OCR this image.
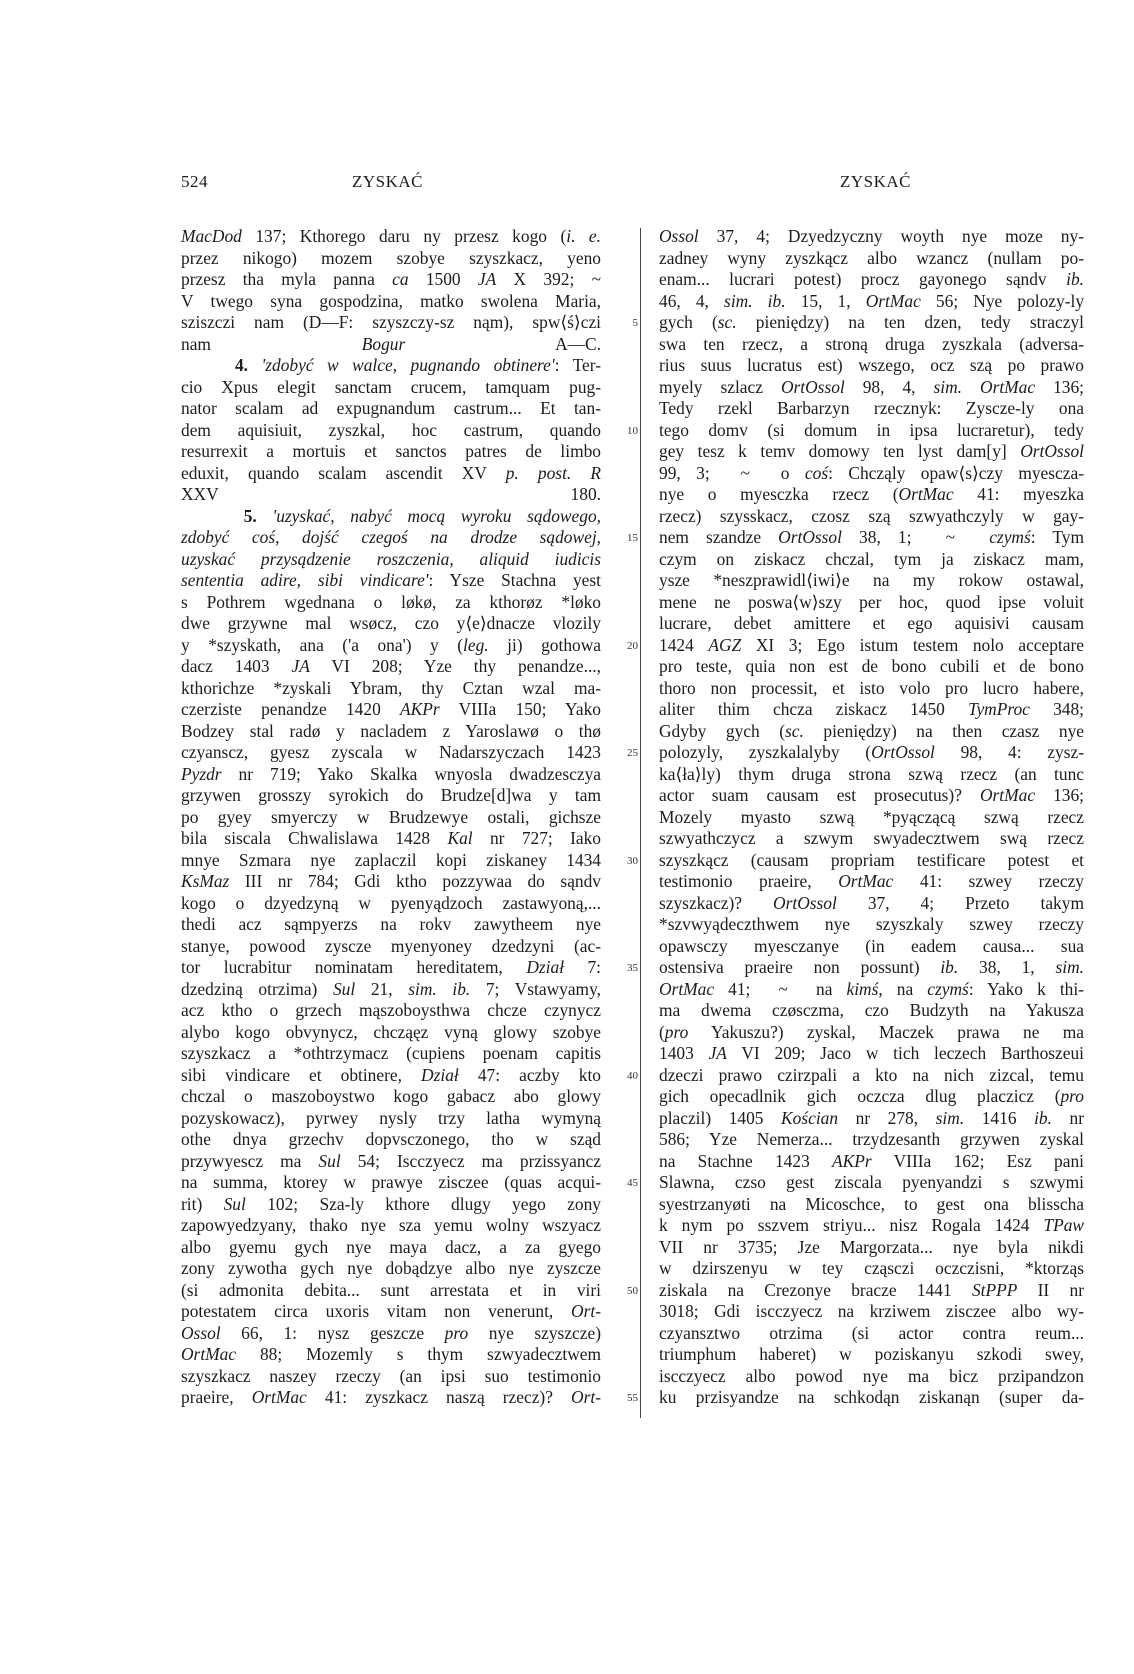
524	ZYSKAĆ	ZYSKAĆ
MacDod 137; Kthorego daru ny przesz kogo (i. e.
przez nikogo) mozem szobye szyszkacz, yeno
przesz tha myla panna ca 1500 JA X 392; ~
V twego syna gospodzina, matko swolena Maria,
sziszczi nam (D—F: szyszczy-sz nąm), spw⟨ś⟩czi
nam Bogur A—C.
4. 'zdobyć w walce, pugnando obtinere': Ter-
cio Xpus elegit sanctam crucem, tamquam pug-
nator scalam ad expugnandum castrum... Et tan-
dem aquisiuit, zyszkal, hoc castrum, quando
resurrexit a mortuis et sanctos patres de limbo
eduxit, quando scalam ascendit XV p. post. R
XXV 180.
5. 'uzyskać, nabyć mocą wyroku sądowego,
zdobyć coś, dojść czegoś na drodze sądowej,
uzyskać przysądzenie roszczenia, aliquid iudicis
sententia adire, sibi vindicare': Ysze Stachna yest
s Pothrem wgednana o løkø, za kthorøz *løko
dwe grzywne mal wsøcz, czo y⟨e⟩dnacze vlozily
y *szyskath, ana ('a ona') y (leg. ji) gothowa
dacz 1403 JA VI 208; Yze thy penandze...,
kthorichze *zyskali Ybram, thy Cztan wzal ma-
czerziste penandze 1420 AKPr VIIIa 150; Yako
Bodzey stal radø y nacladem z Yaroslawø o thø
czyanscz, gyesz zyscala w Nadarszyczach 1423
Pyzdr nr 719; Yako Skalka wnyosla dwadzesczya
grzywen grosszy syrokich do Brudze[d]wa y tam
po gyey smyerczy w Brudzewye ostali, gichsze
bila siscala Chwalislawa 1428 Kal nr 727; Iako
mnye Szmara nye zaplaczil kopi ziskaney 1434
KsMaz III nr 784; Gdi ktho pozzywaa do sąndv
kogo o dzyedzyną w pyenyądzoch zastawyoną,...
thedi acz sąmpyerzs na rokv zawytheem nye
stanye, powood zyscze myenyoney dzedzyni (ac-
tor lucrabitur nominatam hereditatem, Dział 7:
dzedziną otrzima) Sul 21, sim. ib. 7; Vstawyamy,
acz ktho o grzech mąszoboysthwa chcze czynycz
alybo kogo obvynycz, chcząęz vyną glowy szobye
szyszkacz a *othtrzymacz (cupiens poenam capitis
sibi vindicare et obtinere, Dział 47: aczby kto
chczal o maszoboystwo kogo gabacz abo glowy
pozyskowacz), pyrwey nysly trzy latha wymyną
othe dnya grzechv dopvsczonego, tho w sząd
przywyescz ma Sul 54; Iscczyecz ma przissyancz
na summa, ktorey w prawye zisczee (quas acqui-
rit) Sul 102; Sza-ly kthore dlugy yego zony
zapowyedzyany, thako nye sza yemu wolny wszyacz
albo gyemu gych nye maya dacz, a za gyego
zony zywotha gych nye dobądzye albo nye zyszcze
(si admonita debita... sunt arrestata et in viri
potestatem circa uxoris vitam non venerunt, Ort-
Ossol 66, 1: nysz geszcze pro nye szyszcze)
OrtMac 88; Mozemly s thym szwyadecztwem
szyszkacz naszey rzeczy (an ipsi suo testimonio
praeire, OrtMac 41: zyszkacz naszą rzecz)? Ort-
5
10
15
20
25
30
35
40
45
50
55
Ossol 37, 4; Dzyedzyczny woyth nye moze ny-
zadney wyny zyszkącz albo wzancz (nullam po-
enam... lucrari potest) procz gayonego sąndv ib.
46, 4, sim. ib. 15, 1, OrtMac 56; Nye polozy-ly
gych (sc. pieniędzy) na ten dzen, tedy straczyl
swa ten rzecz, a stroną druga zyszkala (adversa-
rius suus lucratus est) wszego, ocz szą po prawo
myely szlacz OrtOssol 98, 4, sim. OrtMac 136;
Tedy rzekl Barbarzyn rzecznyk: Zyscze-ly ona
tego domv (si domum in ipsa lucraretur), tedy
gey tesz k temv domowy ten lyst dam[y] OrtOssol
99, 3;  ~  o coś: Chcząly opaw⟨s⟩czy myescza-
nye o myesczka rzecz (OrtMac 41: myeszka
rzecz) szysskacz, czosz szą szwyathczyly w gay-
nem szandze OrtOssol 38, 1;  ~  czymś: Tym
czym on ziskacz chczal, tym ja ziskacz mam,
ysze *neszprawidl⟨iwi⟩e na my rokow ostawal,
mene ne poswa⟨w⟩szy per hoc, quod ipse voluit
lucrare, debet amittere et ego aquisivi causam
1424 AGZ XI 3; Ego istum testem nolo acceptare
pro teste, quia non est de bono cubili et de bono
thoro non processit, et isto volo pro lucro habere,
aliter thim chcza ziskacz 1450 TymProc 348;
Gdyby gych (sc. pieniędzy) na then czasz nye
polozyly, zyszkalalyby (OrtOssol 98, 4: zysz-
ka⟨ła⟩ly) thym druga strona szwą rzecz (an tunc
actor suam causam est prosecutus)? OrtMac 136;
Mozely myasto szwą *pyączącą szwą rzecz
szwyathczycz a szwym swyadecztwem swą rzecz
szyszkącz (causam propriam testificare potest et
testimonio praeire, OrtMac 41: szwey rzeczy
szyszkacz)? OrtOssol 37, 4; Przeto takym
*szvwyądeczthwem nye szyszkaly szwey rzeczy
opawsczy myesczanye (in eadem causa... sua
ostensiva praeire non possunt) ib. 38, 1, sim.
OrtMac 41;  ~  na kimś, na czymś: Yako k thi-
ma dwema czøsczma, czo Budzyth na Yakusza
(pro Yakuszu?) zyskal, Maczek prawa ne ma
1403 JA VI 209; Jaco w tich leczech Barthoszeui
dzeczi prawo czirzpali a kto na nich zizcal, temu
gich opecadlnik gich oczcza dlug placzicz (pro
placzil) 1405 Kościan nr 278, sim. 1416 ib. nr
586; Yze Nemerza... trzydzesanth grzywen zyskal
na Stachne 1423 AKPr VIIIa 162; Esz pani
Slawna, czso gest ziscala pyenyandzi s szwymi
syestrzanyøti na Micoschce, to gest ona blisscha
k nym po sszvem striyu... nisz Rogala 1424 TPaw
VII nr 3735; Jze Margorzata... nye byla nikdi
w dzirszenyu w tey cząsczi oczczisni, *ktorząs
ziskala na Crezonye bracze 1441 StPPP II nr
3018; Gdi iscczyecz na krziwem zisczee albo wy-
czyansztwo otrzima (si actor contra reum...
triumphum haberet) w poziskanyu szkodi swey,
iscczyecz albo powod nye ma bicz przipandzon
ku przisyandze na schkodąn ziskanąn (super da-
